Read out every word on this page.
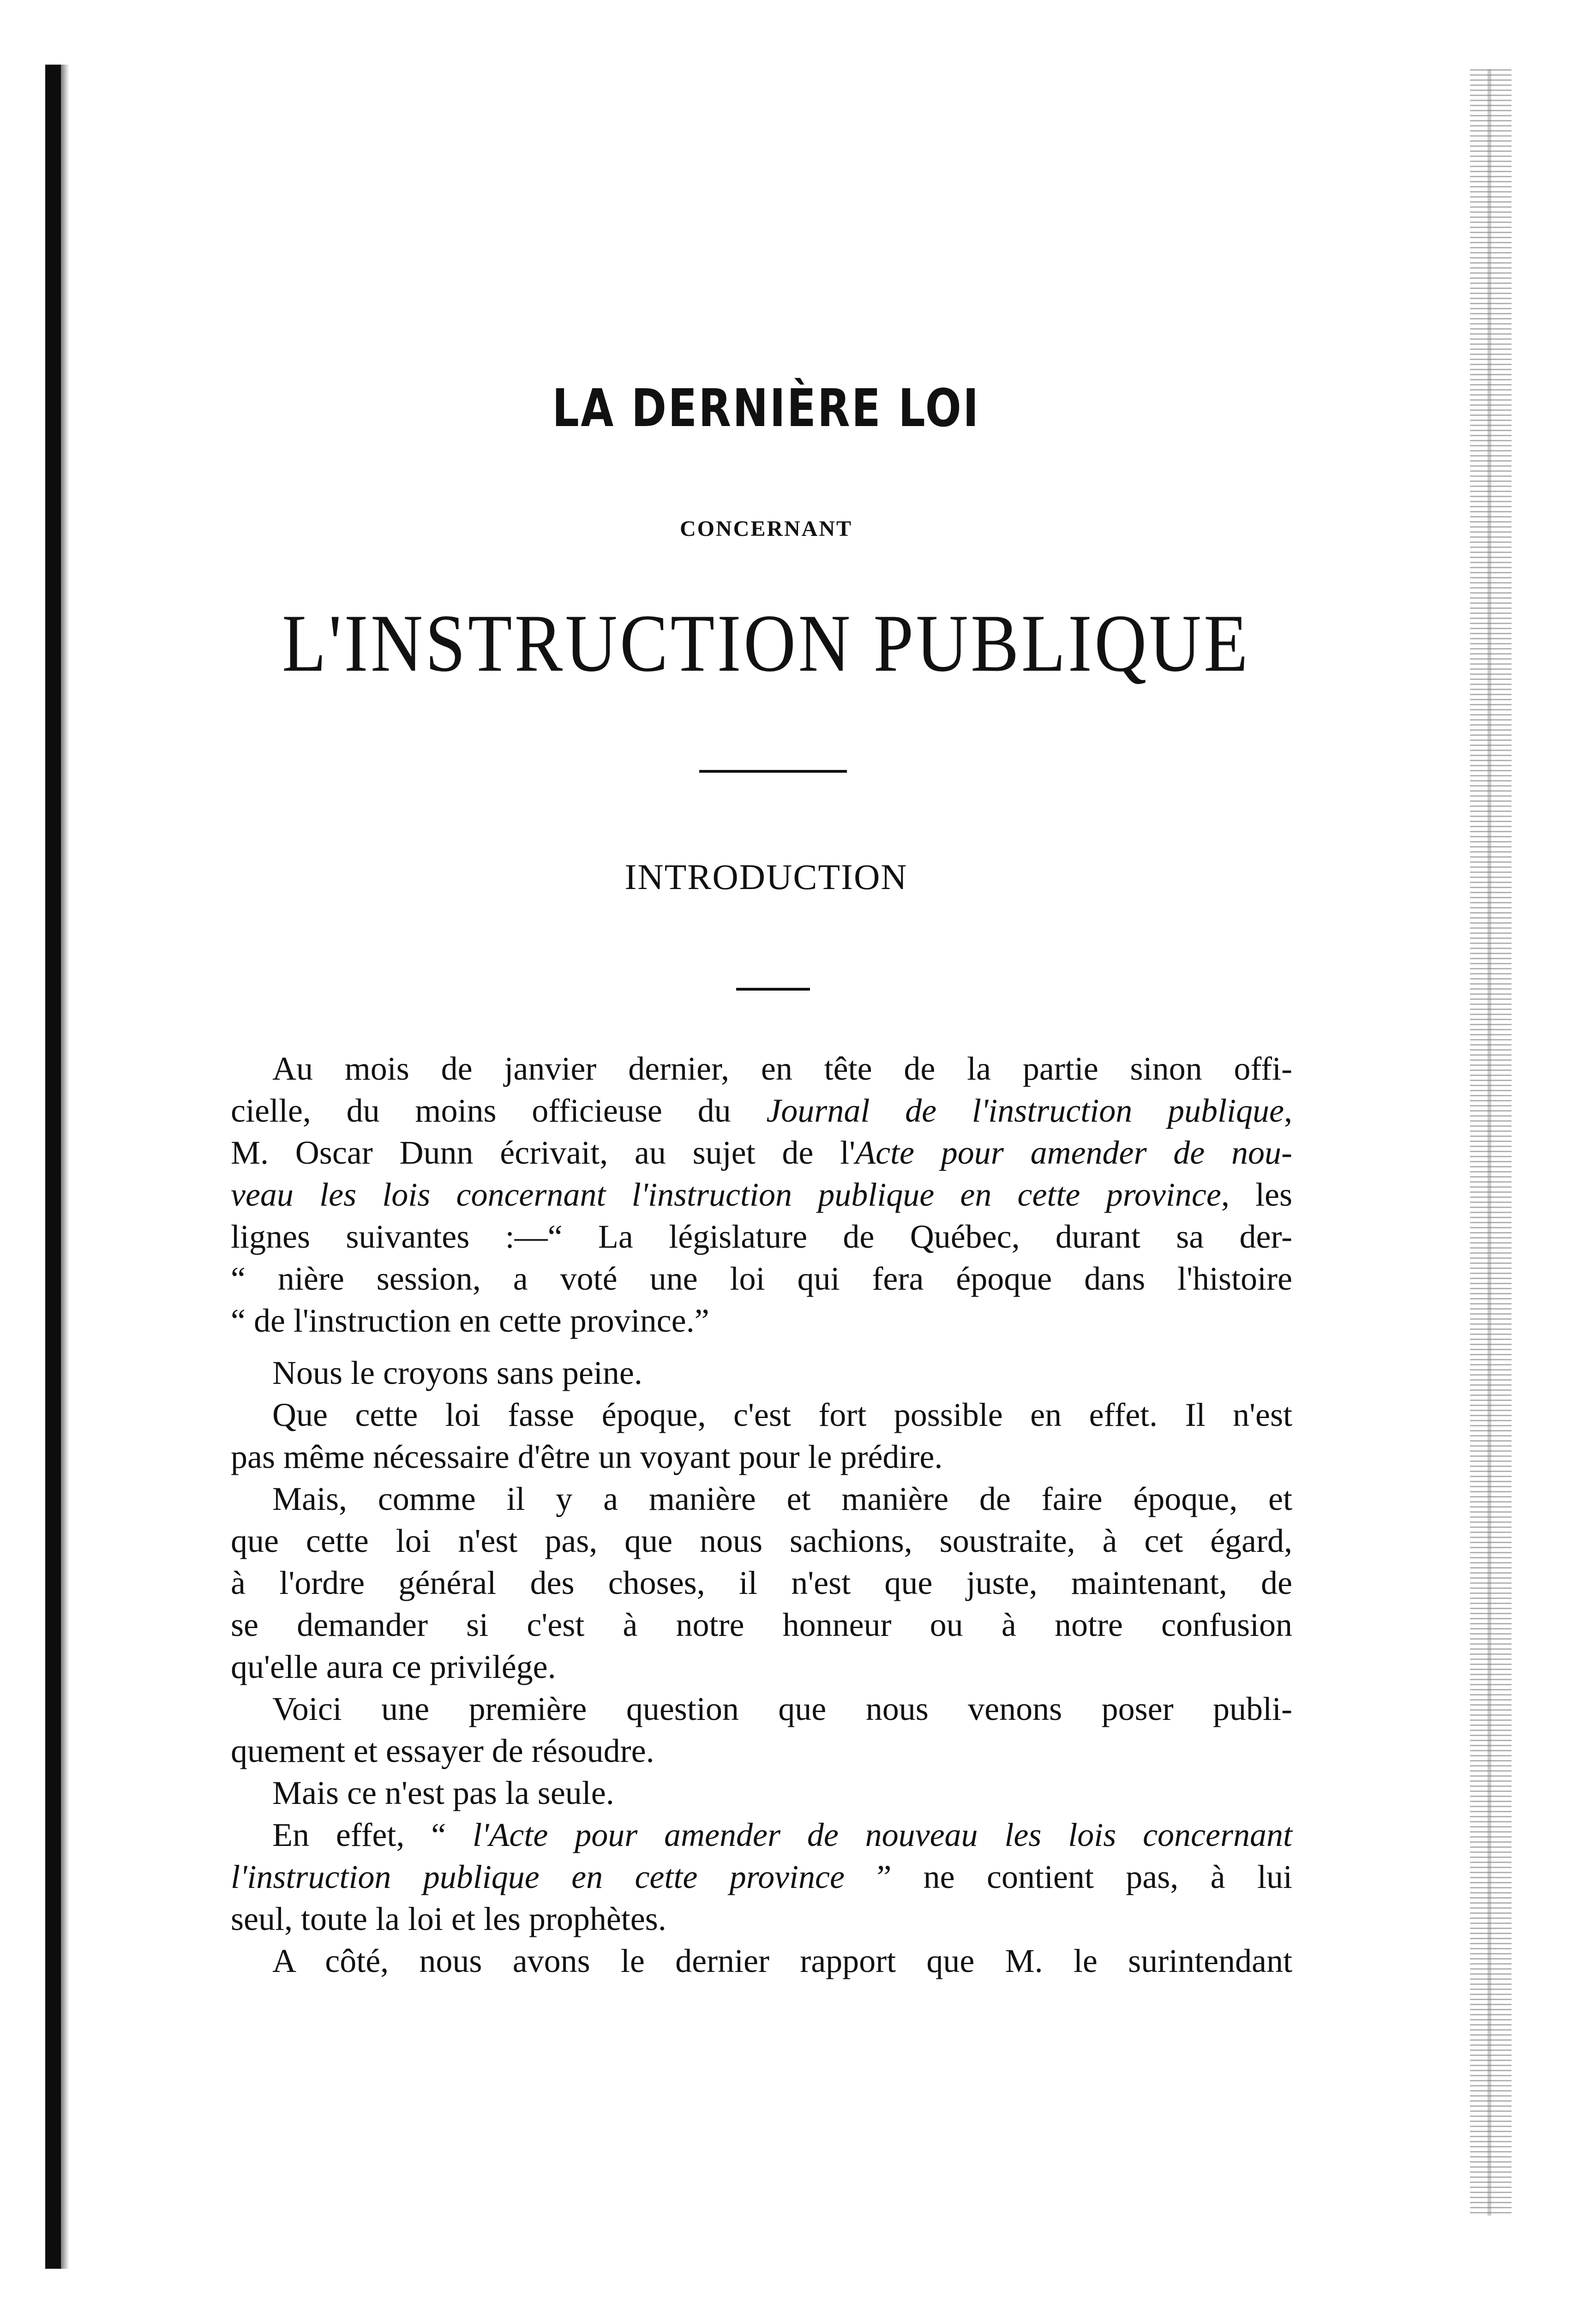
LA DERNIÈRE LOI
CONCERNANT
L'INSTRUCTION PUBLIQUE
INTRODUCTION
Au mois de janvier dernier, en tête de la partie sinon offi-
cielle, du moins officieuse du Journal de l'instruction publique,
M. Oscar Dunn écrivait, au sujet de l'Acte pour amender de nou-
veau les lois concernant l'instruction publique en cette province, les
lignes suivantes :—“ La législature de Québec, durant sa der-
“ nière session, a voté une loi qui fera époque dans l'histoire
“ de l'instruction en cette province.”
Nous le croyons sans peine.
Que cette loi fasse époque, c'est fort possible en effet. Il n'est
pas même nécessaire d'être un voyant pour le prédire.
Mais, comme il y a manière et manière de faire époque, et
que cette loi n'est pas, que nous sachions, soustraite, à cet égard,
à l'ordre général des choses, il n'est que juste, maintenant, de
se demander si c'est à notre honneur ou à notre confusion
qu'elle aura ce privilége.
Voici une première question que nous venons poser publi-
quement et essayer de résoudre.
Mais ce n'est pas la seule.
En effet, “ l'Acte pour amender de nouveau les lois concernant
l'instruction publique en cette province ” ne contient pas, à lui
seul, toute la loi et les prophètes.
A côté, nous avons le dernier rapport que M. le surintendant
